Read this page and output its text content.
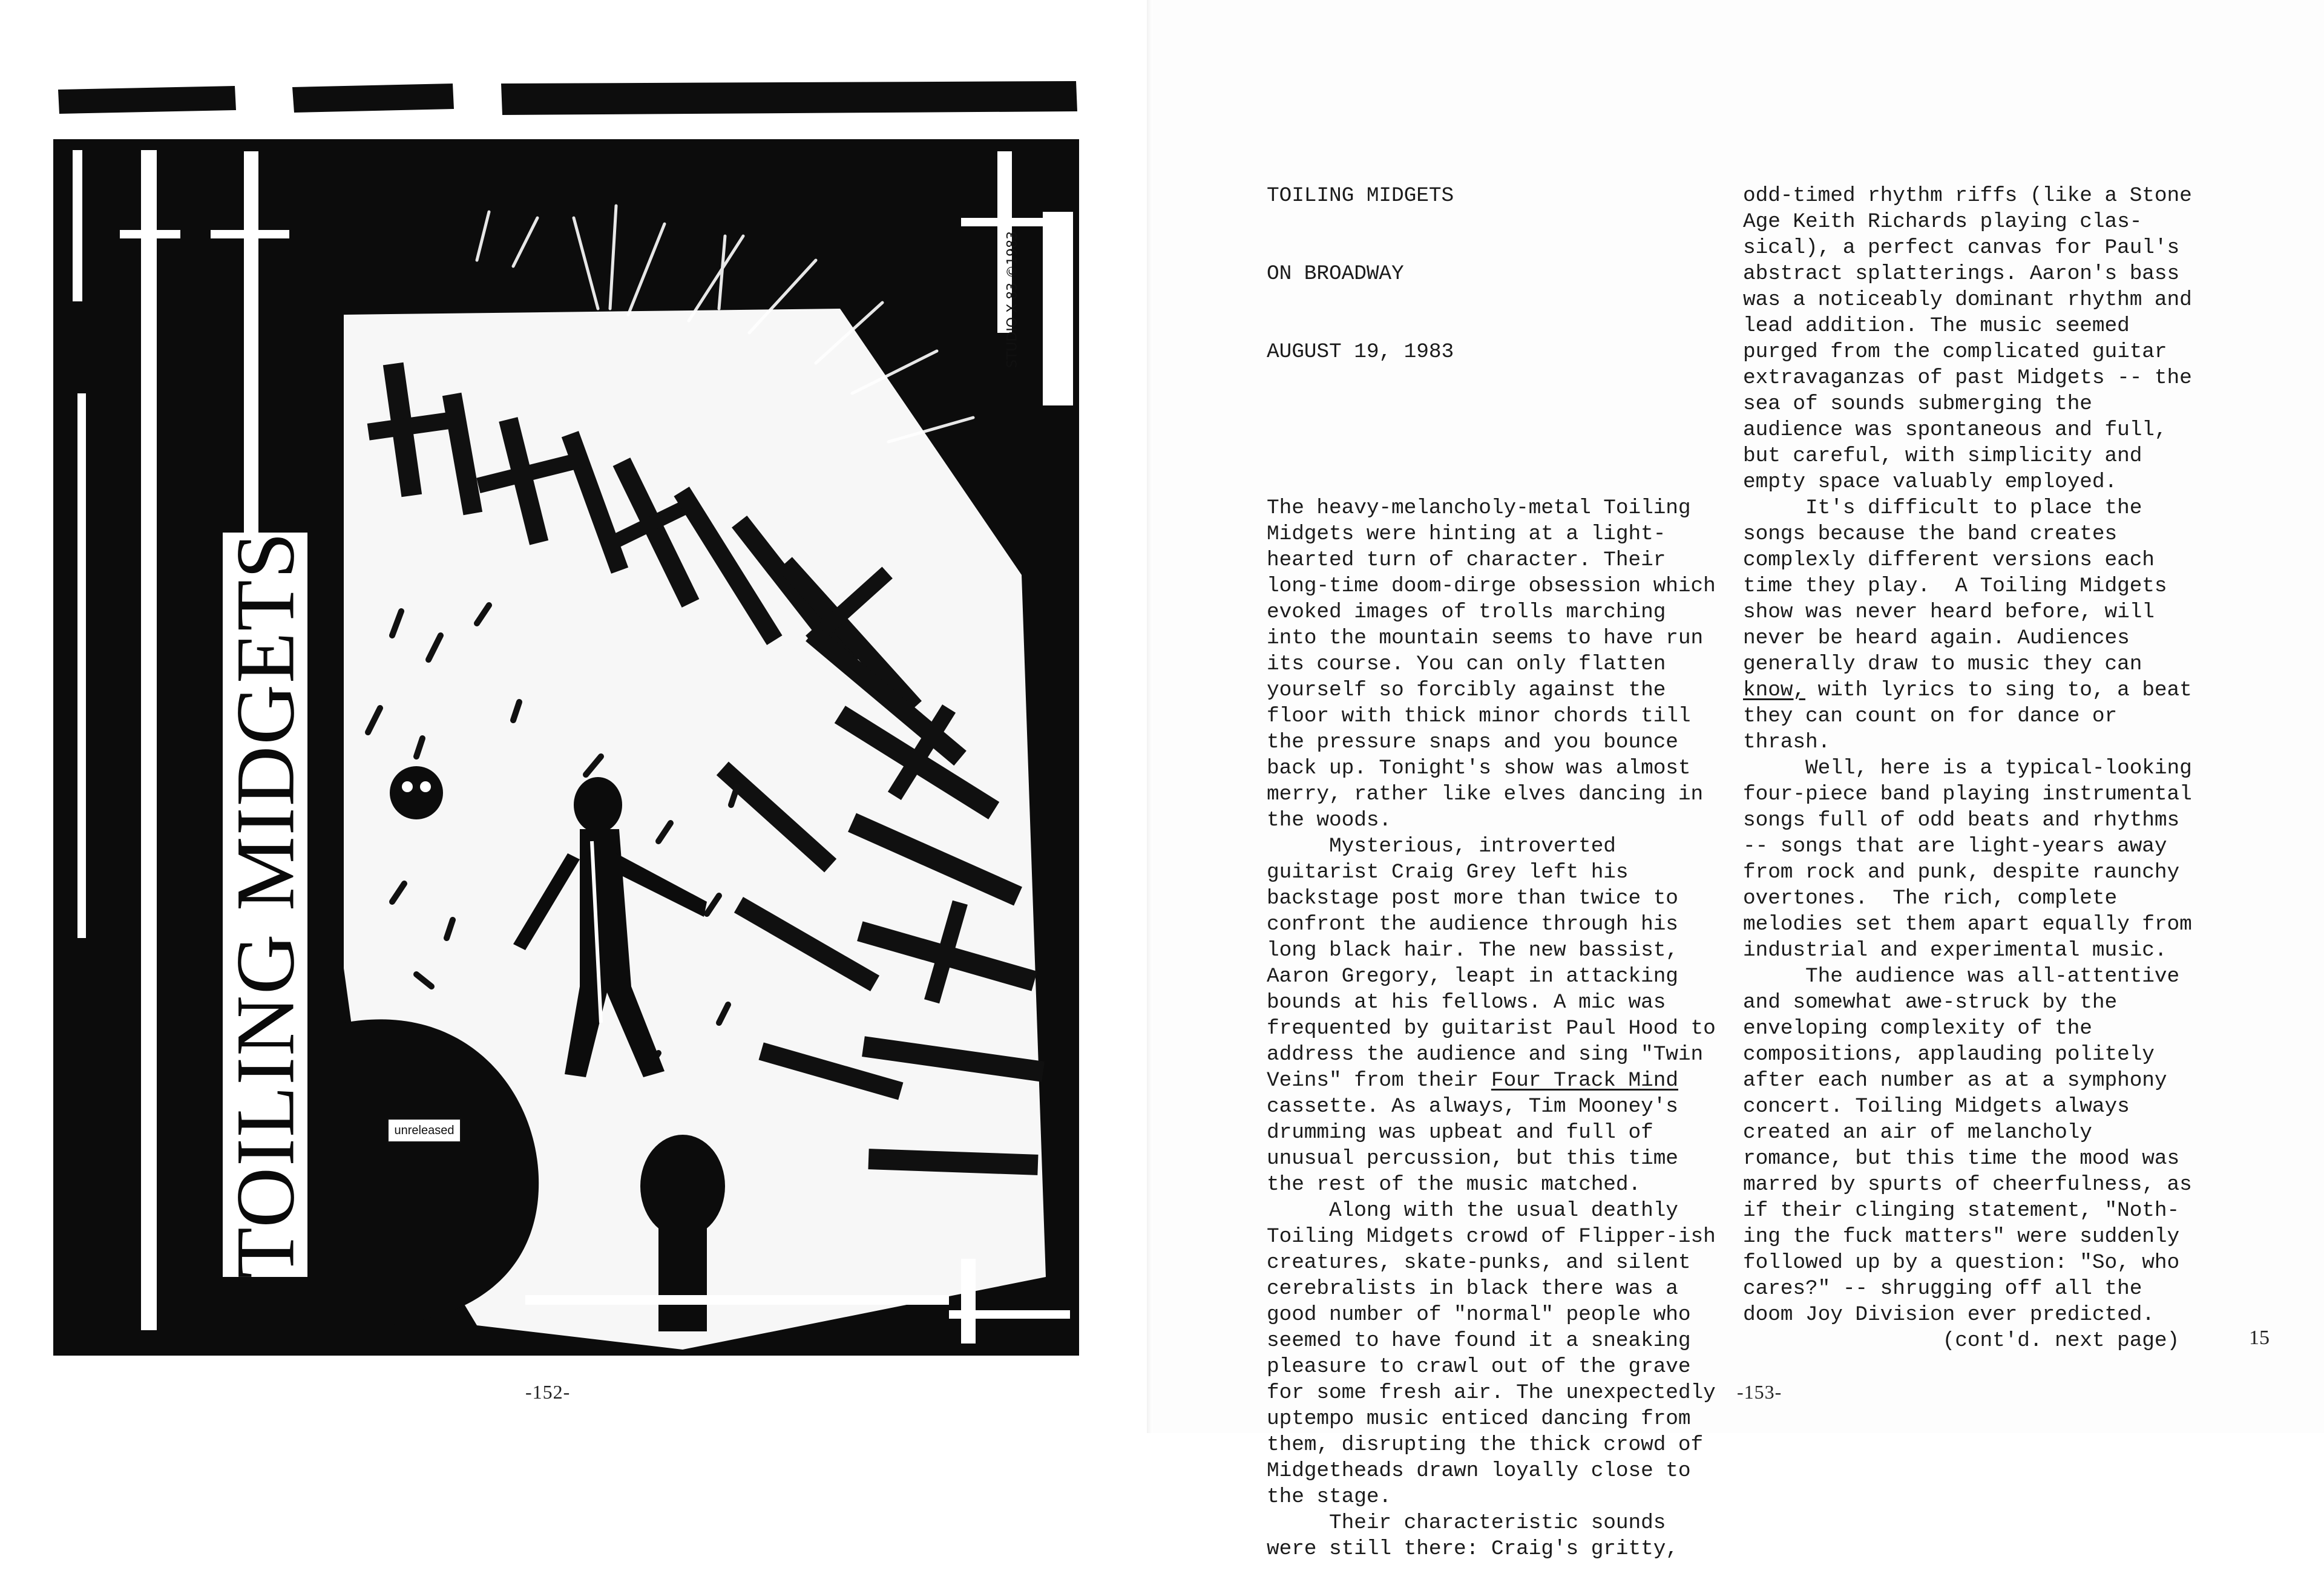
TOILING MIDGETS	unreleased
STUDIO X 83 ©1983
-152-

TOILING MIDGETS

ON BROADWAY

AUGUST 19, 1983

The heavy-melancholy-metal Toiling
Midgets were hinting at a light-
hearted turn of character. Their
long-time doom-dirge obsession which
evoked images of trolls marching
into the mountain seems to have run
its course. You can only flatten
yourself so forcibly against the
floor with thick minor chords till
the pressure snaps and you bounce
back up. Tonight's show was almost
merry, rather like elves dancing in
the woods.
Mysterious, introverted
guitarist Craig Grey left his
backstage post more than twice to
confront the audience through his
long black hair. The new bassist,
Aaron Gregory, leapt in attacking
bounds at his fellows. A mic was
frequented by guitarist Paul Hood to
address the audience and sing "Twin
Veins" from their Four Track Mind
cassette. As always, Tim Mooney's
drumming was upbeat and full of
unusual percussion, but this time
the rest of the music matched.
Along with the usual deathly
Toiling Midgets crowd of Flipper-ish
creatures, skate-punks, and silent
cerebralists in black there was a
good number of "normal" people who
seemed to have found it a sneaking
pleasure to crawl out of the grave
for some fresh air. The unexpectedly
uptempo music enticed dancing from
them, disrupting the thick crowd of
Midgetheads drawn loyally close to
the stage.
Their characteristic sounds
were still there: Craig's gritty,

odd-timed rhythm riffs (like a Stone
Age Keith Richards playing clas-
sical), a perfect canvas for Paul's
abstract splatterings. Aaron's bass
was a noticeably dominant rhythm and
lead addition. The music seemed
purged from the complicated guitar
extravaganzas of past Midgets -- the
sea of sounds submerging the
audience was spontaneous and full,
but careful, with simplicity and
empty space valuably employed.
It's difficult to place the
songs because the band creates
complexly different versions each
time they play.  A Toiling Midgets
show was never heard before, will
never be heard again. Audiences
generally draw to music they can
know, with lyrics to sing to, a beat
they can count on for dance or
thrash.
Well, here is a typical-looking
four-piece band playing instrumental
songs full of odd beats and rhythms
-- songs that are light-years away
from rock and punk, despite raunchy
overtones.  The rich, complete
melodies set them apart equally from
industrial and experimental music.
The audience was all-attentive
and somewhat awe-struck by the
enveloping complexity of the
compositions, applauding politely
after each number as at a symphony
concert. Toiling Midgets always
created an air of melancholy
romance, but this time the mood was
marred by spurts of cheerfulness, as
if their clinging statement, "Noth-
ing the fuck matters" were suddenly
followed up by a question: "So, who
cares?" -- shrugging off all the
doom Joy Division ever predicted.
(cont'd. next page)

-153-
15
